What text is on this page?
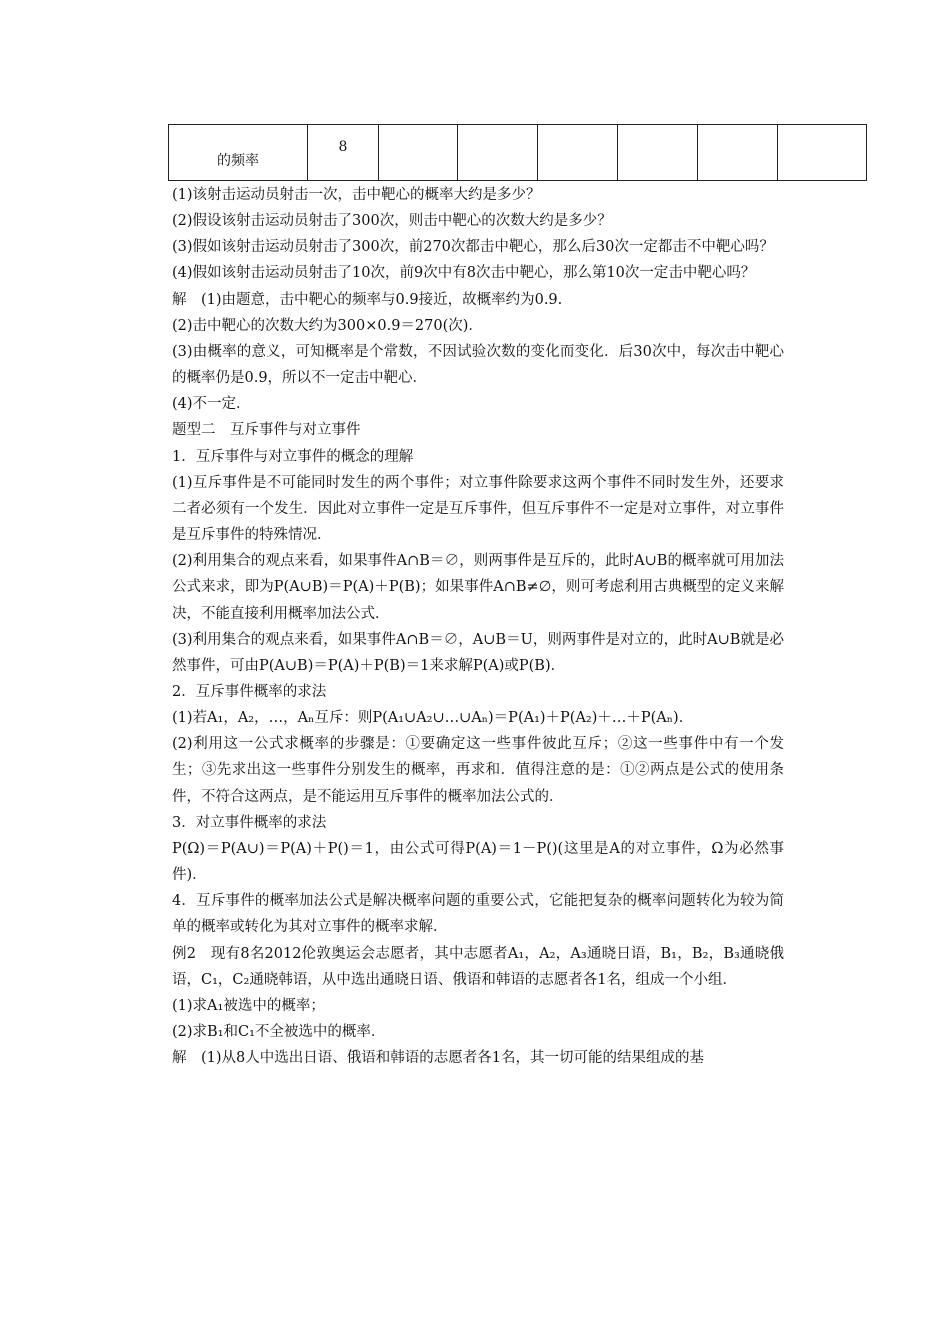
的频率	8						

(1)该射击运动员射击一次，击中靶心的概率大约是多少？

(2)假设该射击运动员射击了300次，则击中靶心的次数大约是多少？

(3)假如该射击运动员射击了300次，前270次都击中靶心，那么后30次一定都击不中靶心吗？

(4)假如该射击运动员射击了10次，前9次中有8次击中靶心，那么第10次一定击中靶心吗？

解　(1)由题意，击中靶心的频率与0.9接近，故概率约为0.9.

(2)击中靶心的次数大约为300×0.9＝270(次)．

(3)由概率的意义，可知概率是个常数，不因试验次数的变化而变化．后30次中，每次击中靶心的概率仍是0.9，所以不一定击中靶心．

(4)不一定．

题型二　互斥事件与对立事件

1．互斥事件与对立事件的概念的理解

(1)互斥事件是不可能同时发生的两个事件；对立事件除要求这两个事件不同时发生外，还要求二者必须有一个发生．因此对立事件一定是互斥事件，但互斥事件不一定是对立事件，对立事件是互斥事件的特殊情况．

(2)利用集合的观点来看，如果事件A∩B＝∅，则两事件是互斥的，此时A∪B的概率就可用加法公式来求，即为P(A∪B)＝P(A)＋P(B)；如果事件A∩B≠∅，则可考虑利用古典概型的定义来解决，不能直接利用概率加法公式．

(3)利用集合的观点来看，如果事件A∩B＝∅，A∪B＝U，则两事件是对立的，此时A∪B就是必然事件，可由P(A∪B)＝P(A)＋P(B)＝1来求解P(A)或P(B)．

2．互斥事件概率的求法

(1)若A₁，A₂，…，Aₙ互斥：则P(A₁∪A₂∪…∪Aₙ)＝P(A₁)＋P(A₂)＋…＋P(Aₙ)．

(2)利用这一公式求概率的步骤是：①要确定这一些事件彼此互斥；②这一些事件中有一个发生；③先求出这一些事件分别发生的概率，再求和．值得注意的是：①②两点是公式的使用条件，不符合这两点，是不能运用互斥事件的概率加法公式的．

3．对立事件概率的求法

P(Ω)＝P(A∪)＝P(A)＋P()＝1，由公式可得P(A)＝1－P()(这里是A的对立事件，Ω为必然事件)．

4．互斥事件的概率加法公式是解决概率问题的重要公式，它能把复杂的概率问题转化为较为简单的概率或转化为其对立事件的概率求解．

例2　现有8名2012伦敦奥运会志愿者，其中志愿者A₁，A₂，A₃通晓日语，B₁，B₂，B₃通晓俄语，C₁，C₂通晓韩语，从中选出通晓日语、俄语和韩语的志愿者各1名，组成一个小组．

(1)求A₁被选中的概率；

(2)求B₁和C₁不全被选中的概率．

解　(1)从8人中选出日语、俄语和韩语的志愿者各1名，其一切可能的结果组成的基
